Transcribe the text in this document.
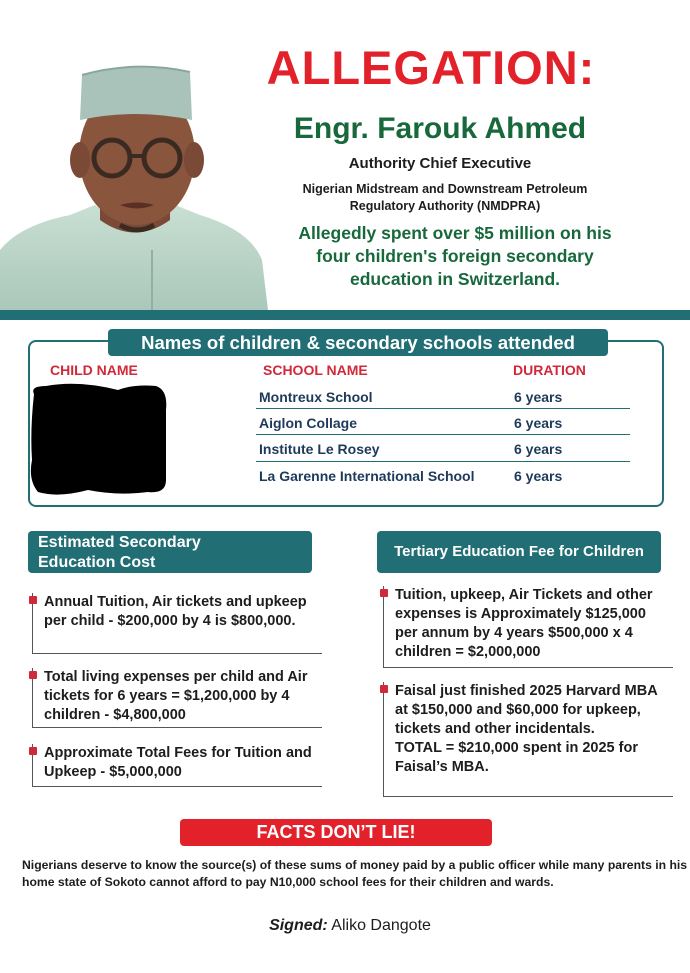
ALLEGATION:
Engr. Farouk Ahmed
Authority Chief Executive
Nigerian Midstream and Downstream Petroleum
Regulatory Authority (NMDPRA)
Allegedly spent over $5 million on his
four children's foreign secondary
education in Switzerland.
Names of children & secondary schools attended
CHILD NAME	SCHOOL NAME	DURATION
Montreux School	6 years
Aiglon Collage	6 years
Institute Le Rosey	6 years
La Garenne International School	6 years
Estimated Secondary
Education Cost
Annual Tuition, Air tickets and upkeep per child - $200,000 by 4 is $800,000.
Total living expenses per child and Air tickets for 6 years = $1,200,000 by 4 children - $4,800,000
Approximate Total Fees for Tuition and Upkeep - $5,000,000
Tertiary Education Fee for Children
Tuition, upkeep, Air Tickets and other expenses is Approximately $125,000 per annum by 4 years $500,000 x 4 children = $2,000,000
Faisal just finished 2025 Harvard MBA at $150,000 and $60,000 for upkeep, tickets and other incidentals.
TOTAL = $210,000 spent in 2025 for Faisal’s MBA.
FACTS DON’T LIE!
Nigerians deserve to know the source(s) of these sums of money paid by a public officer while many parents in his home state of Sokoto cannot afford to pay N10,000 school fees for their children and wards.
Signed: Aliko Dangote
